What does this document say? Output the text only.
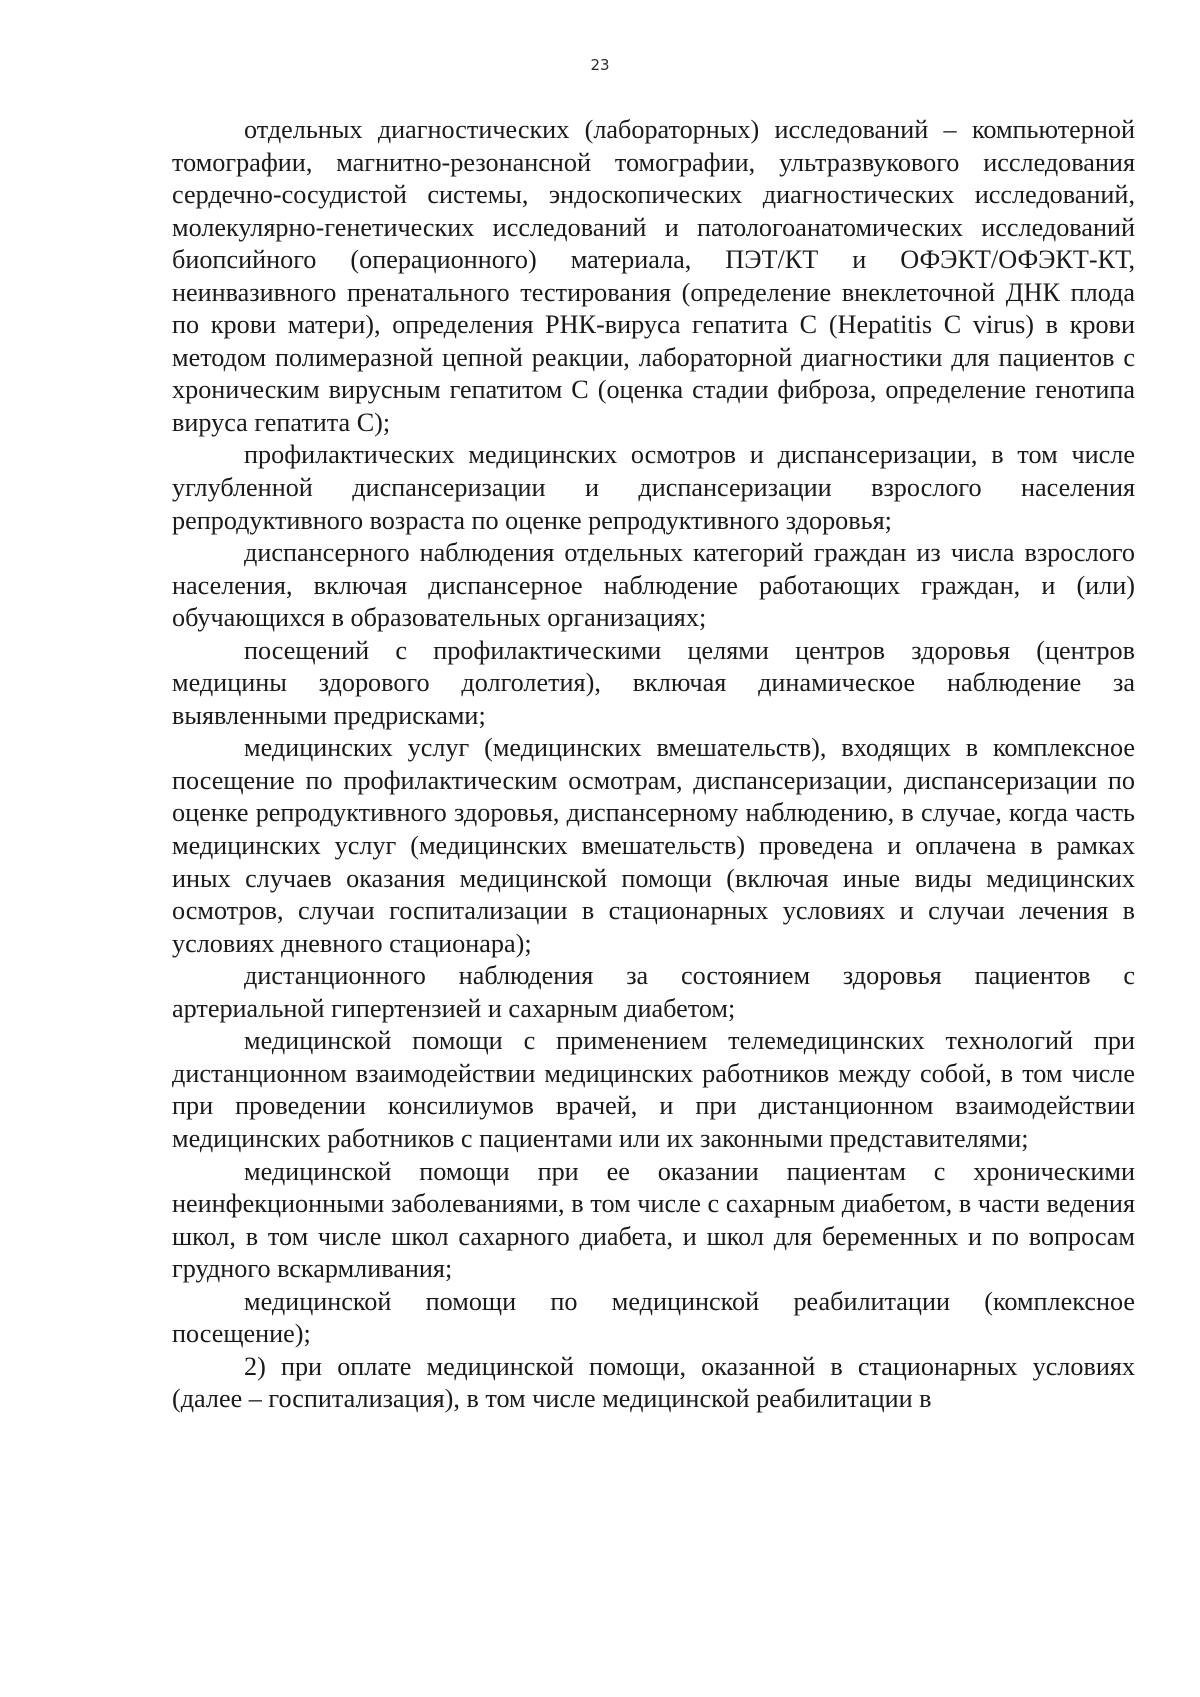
23

отдельных диагностических (лабораторных) исследований – компьютерной томографии, магнитно-резонансной томографии, ультразвукового исследования сердечно-сосудистой системы, эндоскопических диагностических исследований, молекулярно-генетических исследований и патологоанатомических исследований биопсийного (операционного) материала, ПЭТ/КТ и ОФЭКТ/ОФЭКТ-КТ, неинвазивного пренатального тестирования (определение внеклеточной ДНК плода по крови матери), определения РНК-вируса гепатита C (Hepatitis C virus) в крови методом полимеразной цепной реакции, лабораторной диагностики для пациентов с хроническим вирусным гепатитом C (оценка стадии фиброза, определение генотипа вируса гепатита C);

профилактических медицинских осмотров и диспансеризации, в том числе углубленной диспансеризации и диспансеризации взрослого населения репродуктивного возраста по оценке репродуктивного здоровья;

диспансерного наблюдения отдельных категорий граждан из числа взрослого населения, включая диспансерное наблюдение работающих граждан, и (или) обучающихся в образовательных организациях;

посещений с профилактическими целями центров здоровья (центров медицины здорового долголетия), включая динамическое наблюдение за выявленными предрисками;

медицинских услуг (медицинских вмешательств), входящих в комплексное посещение по профилактическим осмотрам, диспансеризации, диспансеризации по оценке репродуктивного здоровья, диспансерному наблюдению, в случае, когда часть медицинских услуг (медицинских вмешательств) проведена и оплачена в рамках иных случаев оказания медицинской помощи (включая иные виды медицинских осмотров, случаи госпитализации в стационарных условиях и случаи лечения в условиях дневного стационара);

дистанционного наблюдения за состоянием здоровья пациентов с артериальной гипертензией и сахарным диабетом;

медицинской помощи с применением телемедицинских технологий при дистанционном взаимодействии медицинских работников между собой, в том числе при проведении консилиумов врачей, и при дистанционном взаимодействии медицинских работников с пациентами или их законными представителями;

медицинской помощи при ее оказании пациентам с хроническими неинфекционными заболеваниями, в том числе с сахарным диабетом, в части ведения школ, в том числе школ сахарного диабета, и школ для беременных и по вопросам грудного вскармливания;

медицинской помощи по медицинской реабилитации (комплексное посещение);

2) при оплате медицинской помощи, оказанной в стационарных условиях (далее – госпитализация), в том числе медицинской реабилитации в
